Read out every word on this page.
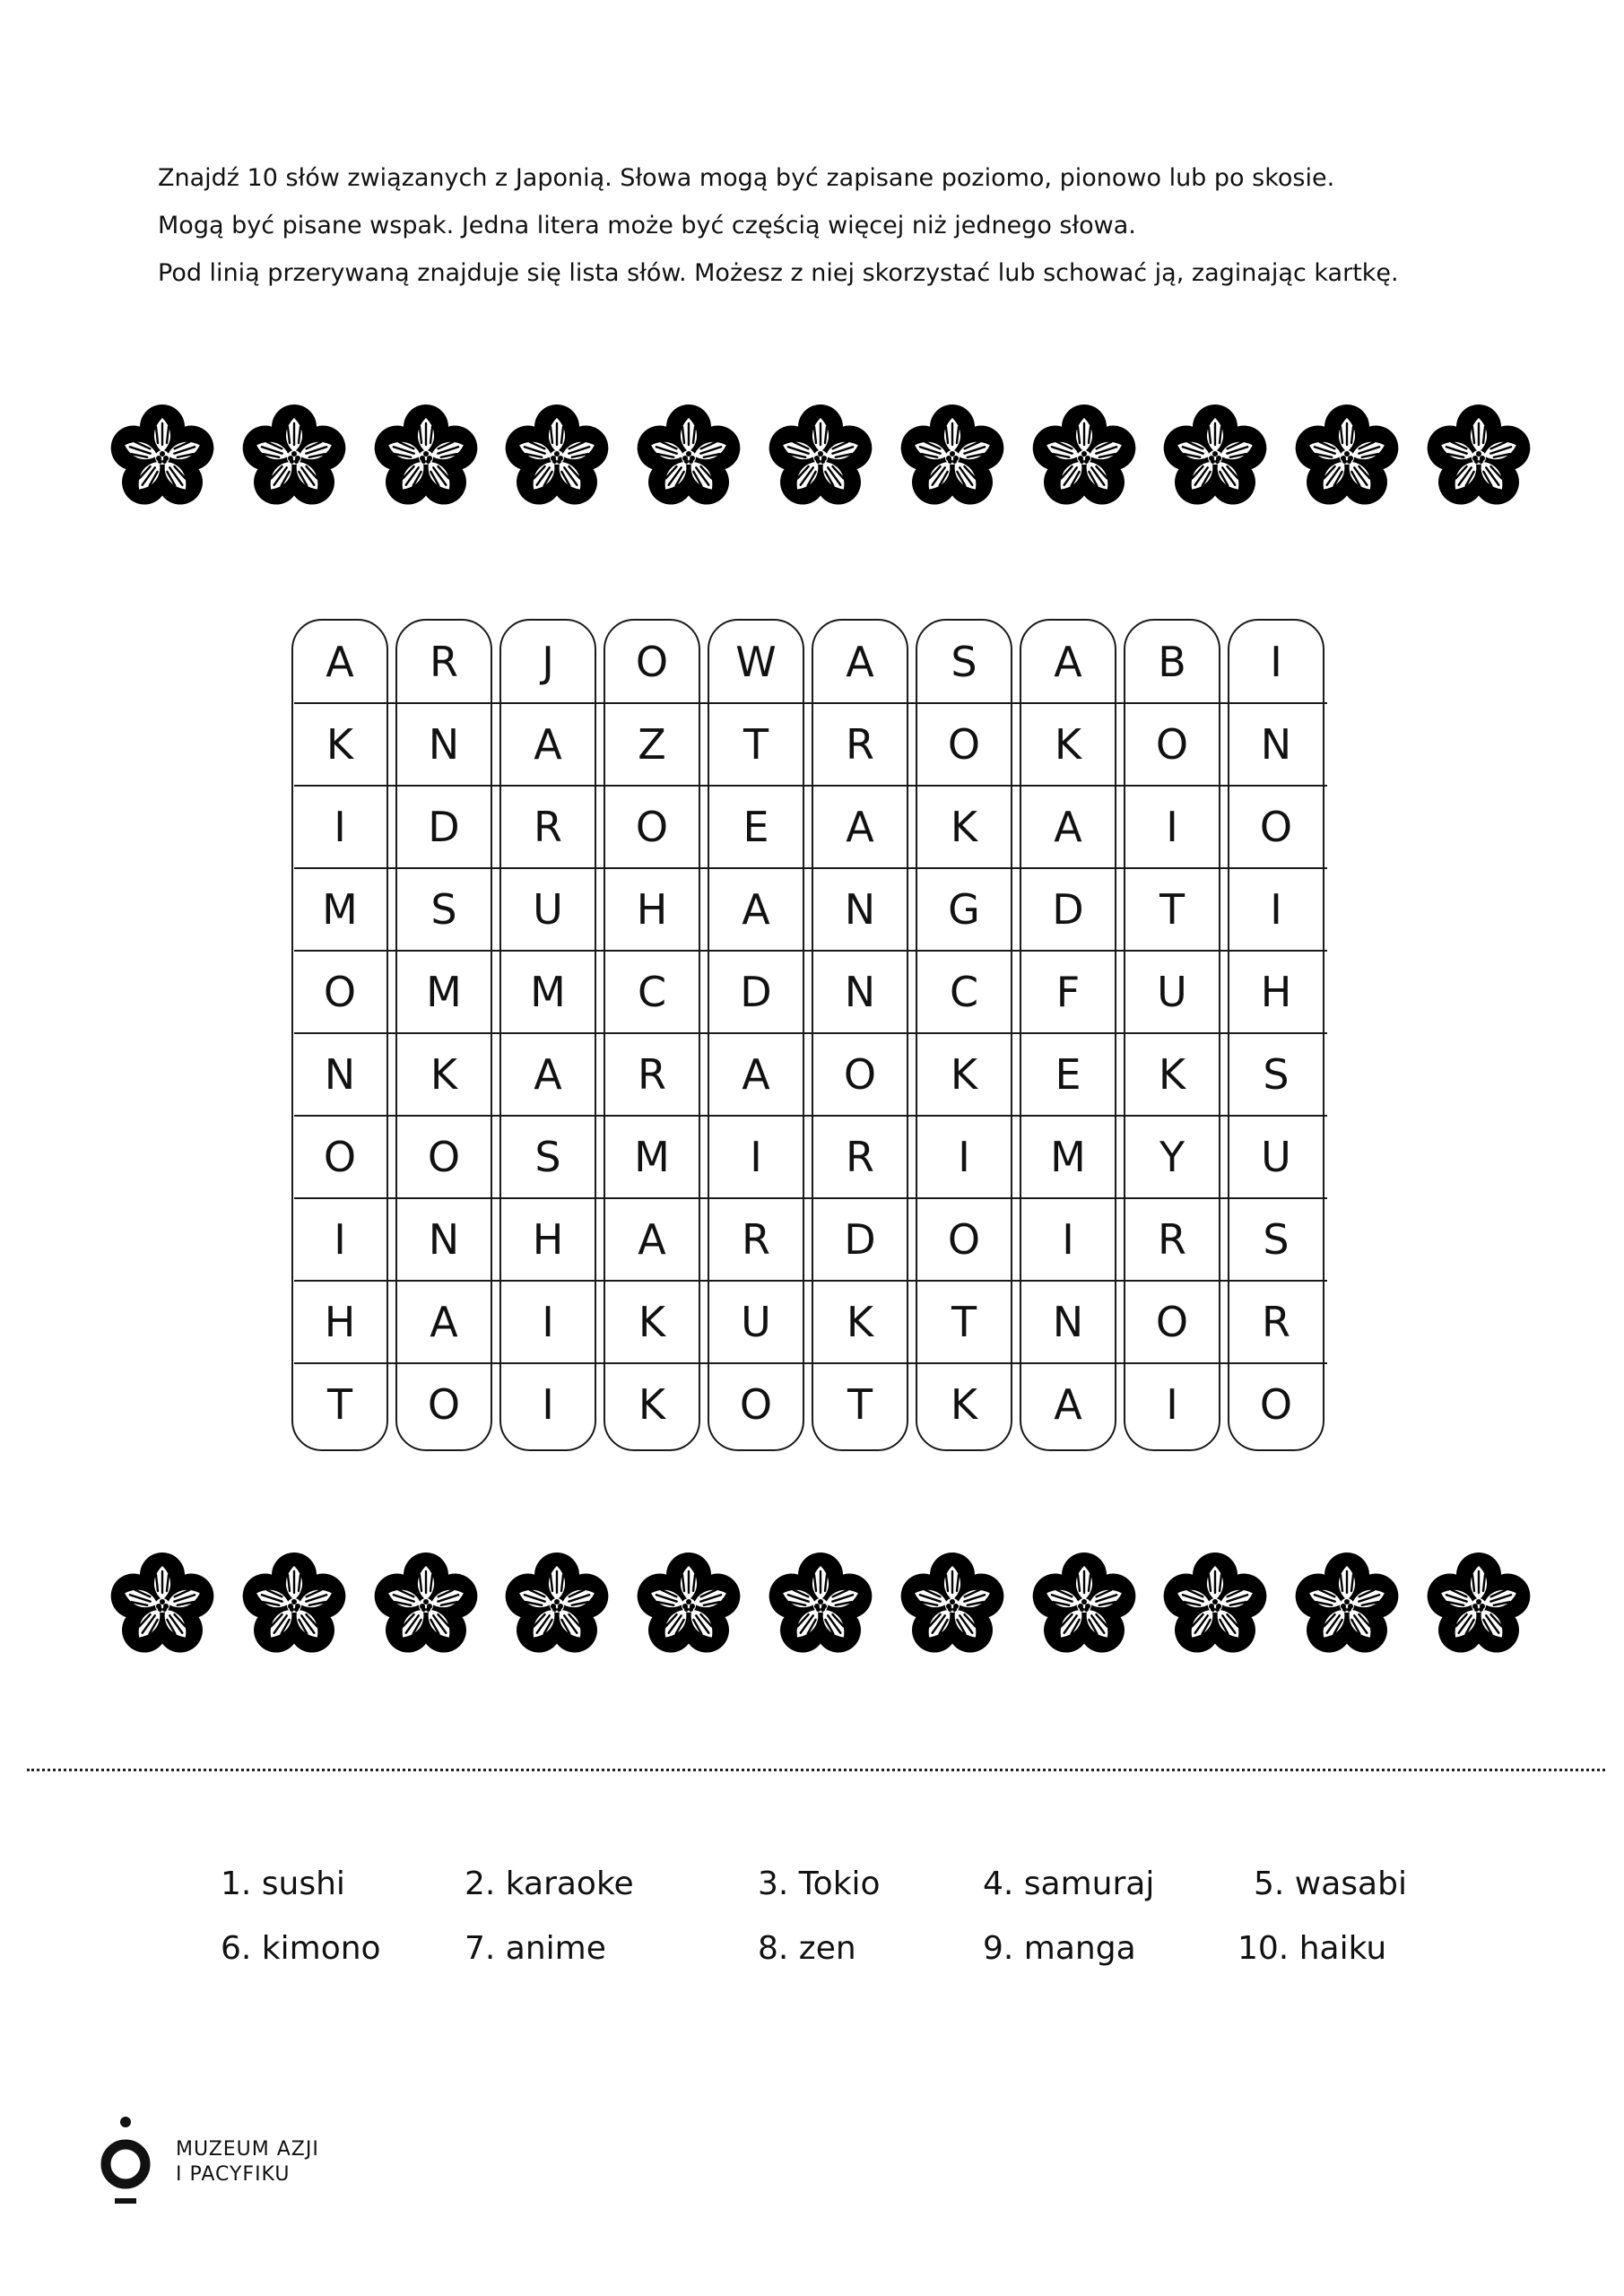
Znajdź 10 słów związanych z Japonią. Słowa mogą być zapisane poziomo, pionowo lub po skosie.

Mogą być pisane wspak. Jedna litera może być częścią więcej niż jednego słowa.

Pod linią przerywaną znajduje się lista słów. Możesz z niej skorzystać lub schować ją, zaginając kartkę.

A	R	J	O	W	A	S	A	B	I
K	N	A	Z	T	R	O	K	O	N
I	D	R	O	E	A	K	A	I	O
M	S	U	H	A	N	G	D	T	I
O	M	M	C	D	N	C	F	U	H
N	K	A	R	A	O	K	E	K	S
O	O	S	M	I	R	I	M	Y	U
I	N	H	A	R	D	O	I	R	S
H	A	I	K	U	K	T	N	O	R
T	O	I	K	O	T	K	A	I	O
1. sushi	2. karaoke	3. Tokio	4. samuraj	5. wasabi
6. kimono	7. anime	8. zen	9. manga	10. haiku
MUZEUM AZJI
I PACYFIKU
